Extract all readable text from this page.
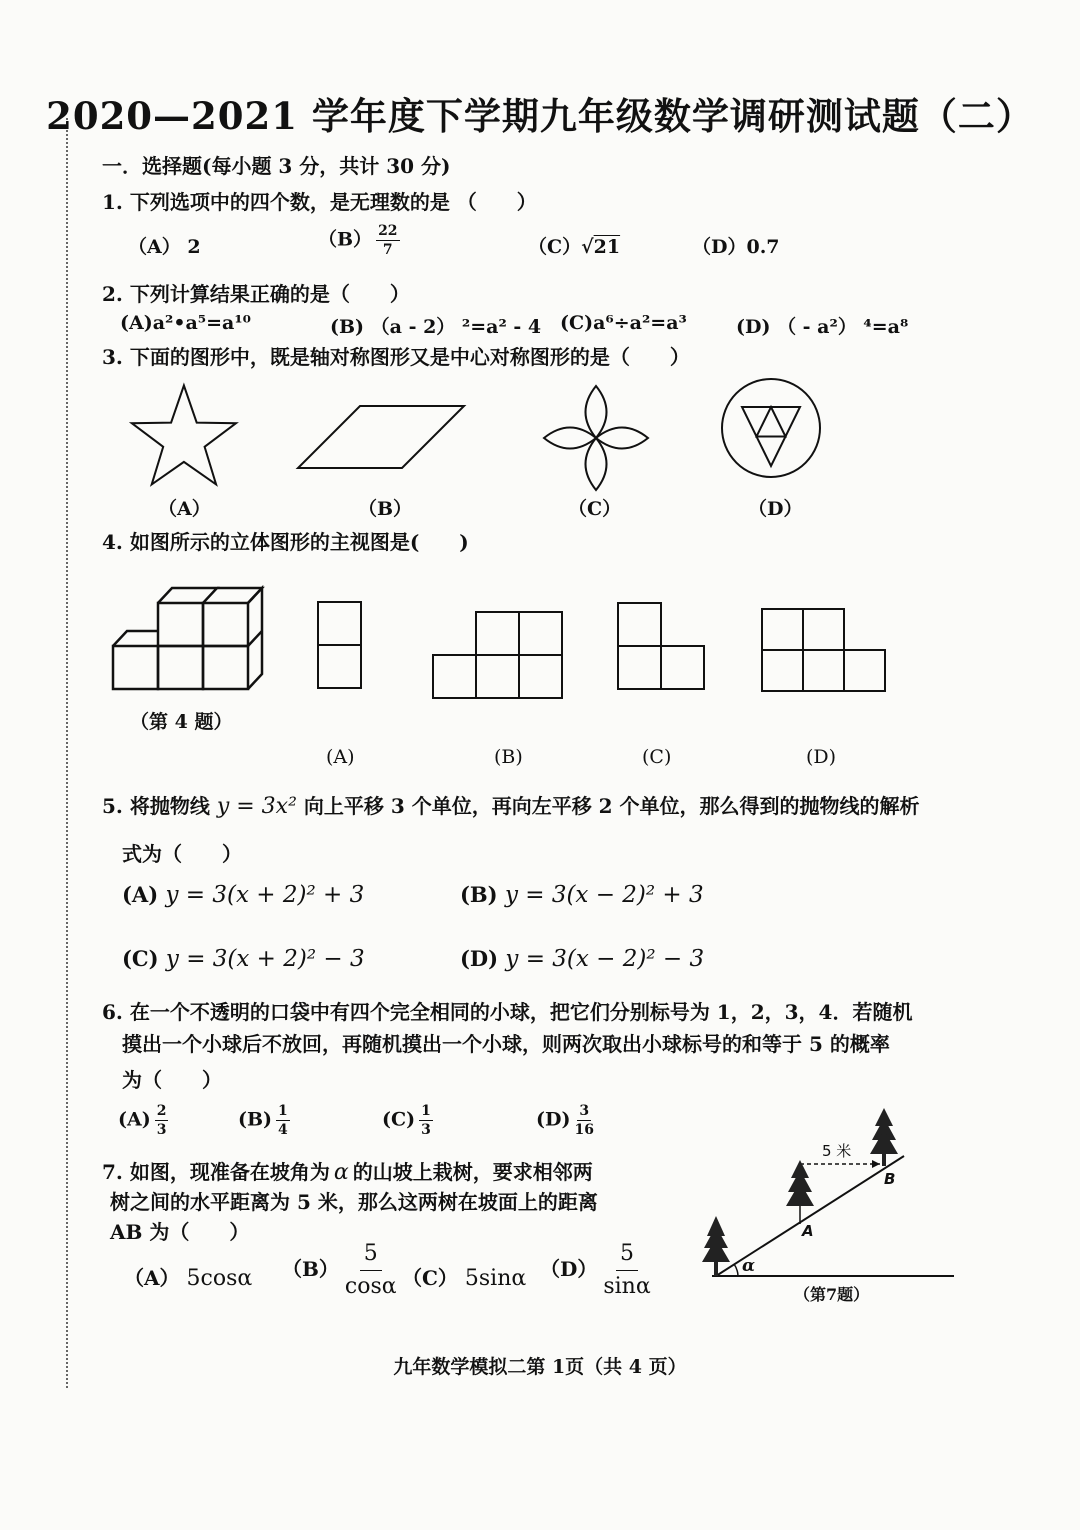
2020—2021 学年度下学期九年级数学调研测试题（二）
一．选择题(每小题 3 分，共计 30 分)
1. 下列选项中的四个数，是无理数的是 （　　）
（A） 2	$(B) \frac{22}{7}$	（C）√21	（D）0.7
2. 下列计算结果正确的是（　　）
(A)a²•a⁵=a¹⁰	(B) （a - 2） ²=a² - 4 (C)a⁶÷a²=a³	(D) （ - a²） ⁴=a⁸
3. 下面的图形中，既是轴对称图形又是中心对称图形的是（　　）
（A）	（B）	（C）	（D）
4. 如图所示的立体图形的主视图是(　　)
（第 4 题）
(A)	(B)	(C)	(D)
5. 将抛物线 y = 3x² 向上平移 3 个单位，再向左平移 2 个单位，那么得到的抛物线的解析
式为（　　）
(A) y = 3(x + 2)² + 3	(B) y = 3(x − 2)² + 3
(C) y = 3(x + 2)² − 3	(D) y = 3(x − 2)² − 3
6. 在一个不透明的口袋中有四个完全相同的小球，把它们分别标号为 1，2，3，4．若随机
摸出一个小球后不放回，再随机摸出一个小球，则两次取出小球标号的和等于 5 的概率
为（　　）
$(A) \frac{2}{3}$	$(B) \frac{1}{4}$	$(C) \frac{1}{3}$	$(D) \frac{3}{16}$
7. 如图，现准备在坡角为 α 的山坡上栽树，要求相邻两
树之间的水平距离为 5 米，那么这两树在坡面上的距离
AB 为（　　）
（A） 5cosα $(B) \frac{5}{\cos\alpha} (C)$ 5sinα $(D) \frac{5}{\sin\alpha}$
5 米
A
B
α
（第7题）
九年数学模拟二第 1页（共 4 页）
